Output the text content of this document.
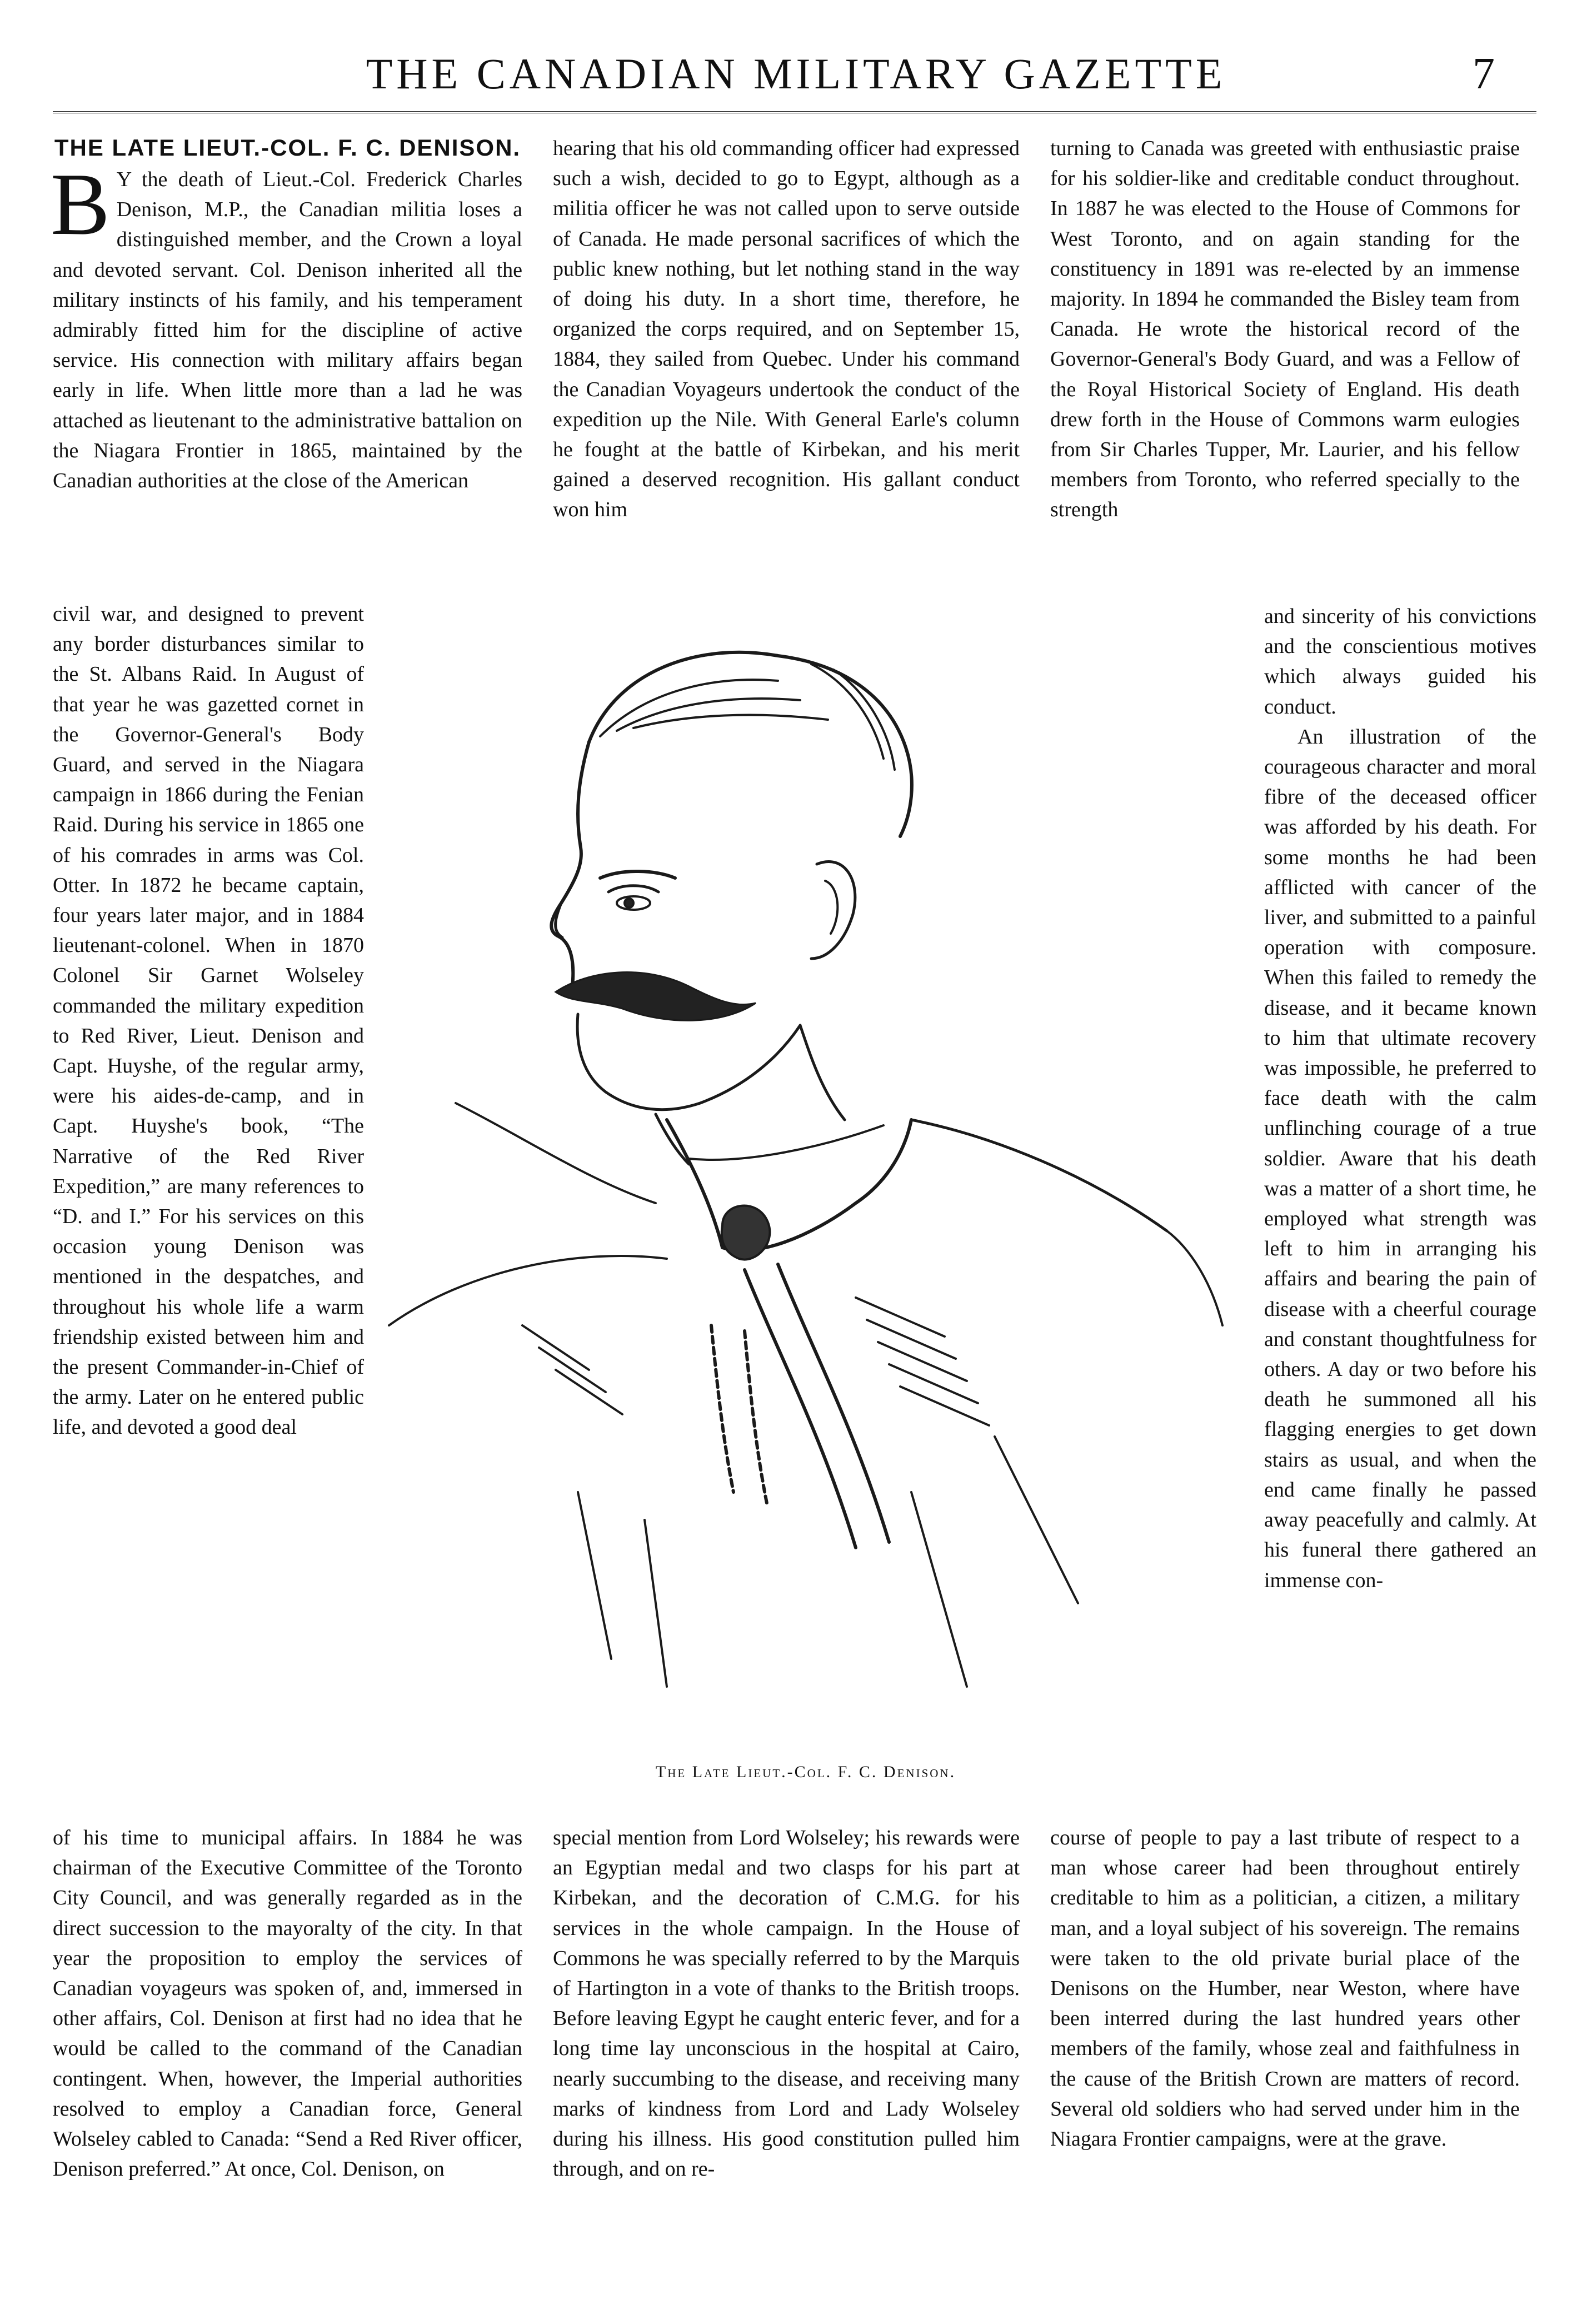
THE CANADIAN MILITARY GAZETTE	7
THE LATE LIEUT.-COL. F. C. DENISON.

B Y the death of Lieut.-Col. Frederick Charles Denison, M.P., the Canadian militia loses a distinguished member, and the Crown a loyal and devoted servant. Col. Denison inherited all the military instincts of his family, and his temperament admirably fitted him for the discipline of active service. His connection with military affairs began early in life. When little more than a lad he was attached as lieutenant to the administrative battalion on the Niagara Frontier in 1865, maintained by the Canadian authorities at the close of the American

civil war, and designed to prevent any border disturbances similar to the St. Albans Raid. In August of that year he was gazetted cornet in the Governor-General's Body Guard, and served in the Niagara campaign in 1866 during the Fenian Raid. During his service in 1865 one of his comrades in arms was Col. Otter. In 1872 he became captain, four years later major, and in 1884 lieutenant-colonel. When in 1870 Colonel Sir Garnet Wolseley commanded the military expedition to Red River, Lieut. Denison and Capt. Huyshe, of the regular army, were his aides-de-camp, and in Capt. Huyshe's book, “The Narrative of the Red River Expedition,” are many references to “D. and I.” For his services on this occasion young Denison was mentioned in the despatches, and throughout his whole life a warm friendship existed between him and the present Commander-in-Chief of the army. Later on he entered public life, and devoted a good deal

of his time to municipal affairs. In 1884 he was chairman of the Executive Committee of the Toronto City Council, and was generally regarded as in the direct succession to the mayoralty of the city. In that year the proposition to employ the services of Canadian voyageurs was spoken of, and, immersed in other affairs, Col. Denison at first had no idea that he would be called to the command of the Canadian contingent. When, however, the Imperial authorities resolved to employ a Canadian force, General Wolseley cabled to Canada: “Send a Red River officer, Denison preferred.” At once, Col. Denison, on

hearing that his old commanding officer had expressed such a wish, decided to go to Egypt, although as a militia officer he was not called upon to serve outside of Canada. He made personal sacrifices of which the public knew nothing, but let nothing stand in the way of doing his duty. In a short time, therefore, he organized the corps required, and on September 15, 1884, they sailed from Quebec. Under his command the Canadian Voyageurs undertook the conduct of the expedition up the Nile. With General Earle's column he fought at the battle of Kirbekan, and his merit gained a deserved recognition. His gallant conduct won him

special mention from Lord Wolseley; his rewards were an Egyptian medal and two clasps for his part at Kirbekan, and the decoration of C.M.G. for his services in the whole campaign. In the House of Commons he was specially referred to by the Marquis of Hartington in a vote of thanks to the British troops. Before leaving Egypt he caught enteric fever, and for a long time lay unconscious in the hospital at Cairo, nearly succumbing to the disease, and receiving many marks of kindness from Lord and Lady Wolseley during his illness. His good constitution pulled him through, and on re-

turning to Canada was greeted with enthusiastic praise for his soldier-like and creditable conduct throughout. In 1887 he was elected to the House of Commons for West Toronto, and on again standing for the constituency in 1891 was re-elected by an immense majority. In 1894 he commanded the Bisley team from Canada. He wrote the historical record of the Governor-General's Body Guard, and was a Fellow of the Royal Historical Society of England. His death drew forth in the House of Commons warm eulogies from Sir Charles Tupper, Mr. Laurier, and his fellow members from Toronto, who referred specially to the strength

and sincerity of his convictions and the conscientious motives which always guided his conduct.

An illustration of the courageous character and moral fibre of the deceased officer was afforded by his death. For some months he had been afflicted with cancer of the liver, and submitted to a painful operation with composure. When this failed to remedy the disease, and it became known to him that ultimate recovery was impossible, he preferred to face death with the calm unflinching courage of a true soldier. Aware that his death was a matter of a short time, he employed what strength was left to him in arranging his affairs and bearing the pain of disease with a cheerful courage and constant thoughtfulness for others. A day or two before his death he summoned all his flagging energies to get down stairs as usual, and when the end came finally he passed away peacefully and calmly. At his funeral there gathered an immense con-

course of people to pay a last tribute of respect to a man whose career had been throughout entirely creditable to him as a politician, a citizen, a military man, and a loyal subject of his sovereign. The remains were taken to the old private burial place of the Denisons on the Humber, near Weston, where have been interred during the last hundred years other members of the family, whose zeal and faithfulness in the cause of the British Crown are matters of record. Several old soldiers who had served under him in the Niagara Frontier campaigns, were at the grave.

The Late Lieut.-Col. F. C. Denison.
